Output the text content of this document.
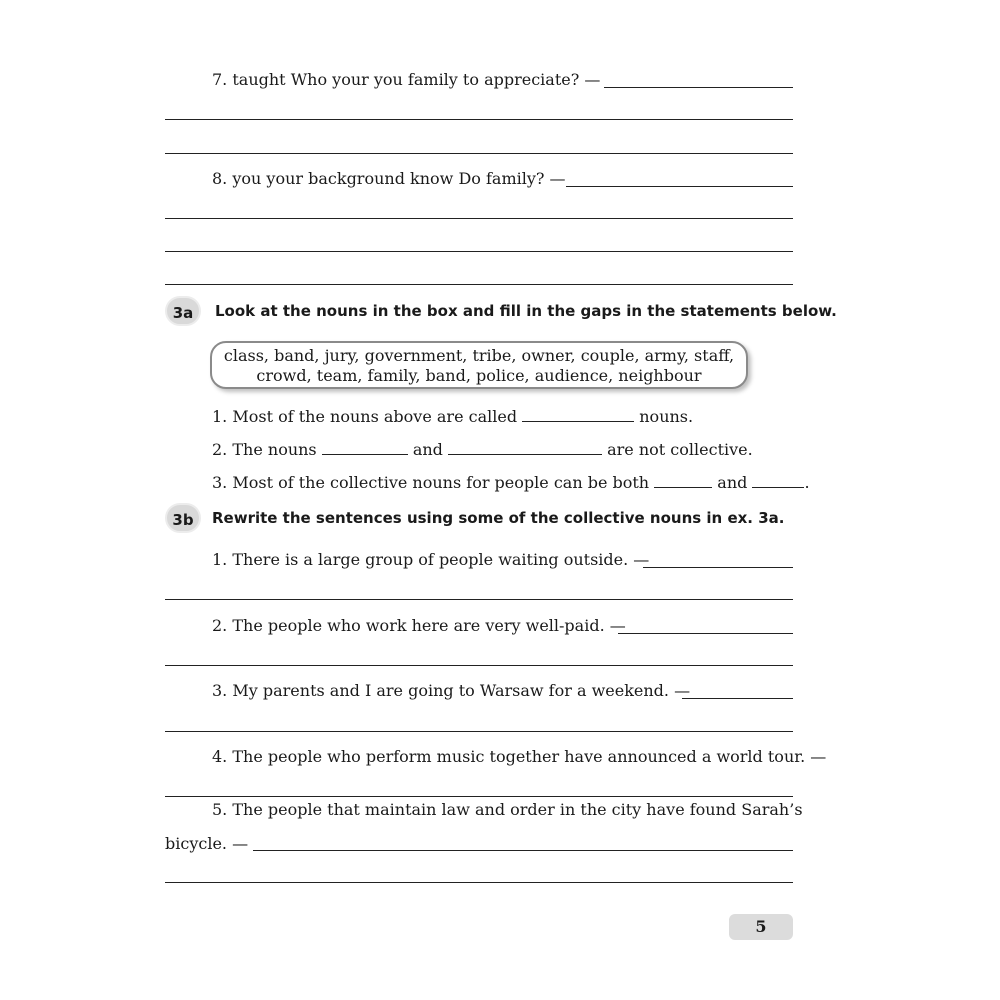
7. taught Who your you family to appreciate? —
8. you your background know Do family? —
3a	Look at the nouns in the box and fill in the gaps in the statements below.
class, band, jury, government, tribe, owner, couple, army, staff,
crowd, team, family, band, police, audience, neighbour
1. Most of the nouns above are called	nouns.
2. The nouns	and	are not collective.
3. Most of the collective nouns for people can be both	and	.
3b	Rewrite the sentences using some of the collective nouns in ex. 3a.
1. There is a large group of people waiting outside. —
2. The people who work here are very well-paid. —
3. My parents and I are going to Warsaw for a weekend. —
4. The people who perform music together have announced a world tour. —
5. The people that maintain law and order in the city have found Sarah’s
bicycle. —
5
